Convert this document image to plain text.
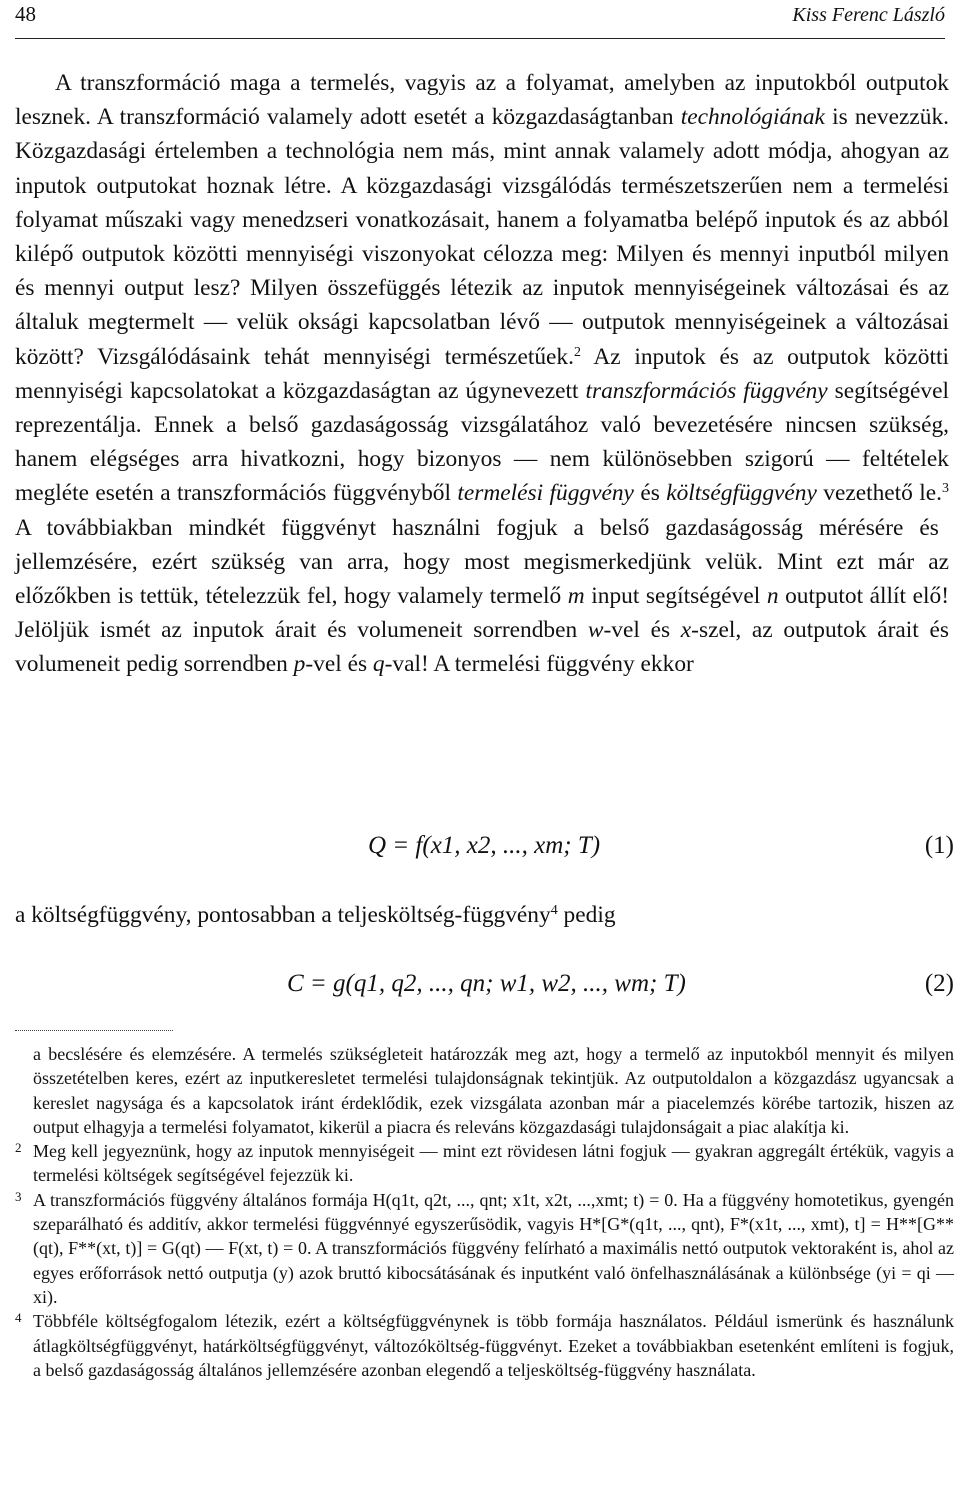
48	Kiss Ferenc László

A transzformáció maga a termelés, vagyis az a folyamat, amelyben az inputokból outputok lesznek. A transzformáció valamely adott esetét a közgazdaságtanban technológiának is nevezzük. Közgazdasági értelemben a technológia nem más, mint annak valamely adott módja, ahogyan az inputok outputokat hoznak létre. A közgazdasági vizsgálódás természetszerűen nem a termelési folyamat műszaki vagy menedzseri vonatkozásait, hanem a folyamatba belépő inputok és az abból kilépő outputok közötti mennyiségi viszonyokat célozza meg: Milyen és mennyi inputból milyen és mennyi output lesz? Milyen összefüggés létezik az inputok mennyiségeinek változásai és az általuk megtermelt — velük oksági kapcsolatban lévő — outputok mennyiségeinek a változásai között? Vizsgálódásaink tehát mennyiségi természetűek.$^2$ Az inputok és az outputok közötti mennyiségi kapcsolatokat a közgazdaságtan az úgynevezett transzformációs függvény segítségével reprezentálja. Ennek a belső gazdaságosság vizsgálatához való bevezetésére nincsen szükség, hanem elégséges arra hivatkozni, hogy bizonyos — nem különösebben szigorú — feltételek megléte esetén a transzformációs függvényből termelési függvény és költségfüggvény vezethető le.$^3$ A továbbiakban mindkét függvényt használni fogjuk a belső gazdaságosság mérésére és jellemzésére, ezért szükség van arra, hogy most megismerkedjünk velük. Mint ezt már az előzőkben is tettük, tételezzük fel, hogy valamely termelő m input segítségével n outputot állít elő! Jelöljük ismét az inputok árait és volumeneit sorrendben w-vel és x-szel, az outputok árait és volumeneit pedig sorrendben p-vel és q-val! A termelési függvény ekkor

Q = f(x1, x2, ..., xm; T)	(1)
a költségfüggvény, pontosabban a teljesköltség-függvény$^4$ pedig
C = g(q1, q2, ..., qn; w1, w2, ..., wm; T)	(2)
a becslésére és elemzésére. A termelés szükségleteit határozzák meg azt, hogy a termelő az inputokból mennyit és milyen összetételben keres, ezért az inputkeresletet termelési tulajdonságnak tekintjük. Az outputoldalon a közgazdász ugyancsak a kereslet nagysága és a kapcsolatok iránt érdeklődik, ezek vizsgálata azonban már a piacelemzés körébe tartozik, hiszen az output elhagyja a termelési folyamatot, kikerül a piacra és releváns közgazdasági tulajdonságait a piac alakítja ki.
2 Meg kell jegyeznünk, hogy az inputok mennyiségeit — mint ezt rövidesen látni fogjuk — gyakran aggregált értékük, vagyis a termelési költségek segítségével fejezzük ki.
3 A transzformációs függvény általános formája H(q1t, q2t, ..., qnt; x1t, x2t, ...,xmt; t) = 0. Ha a függvény homotetikus, gyengén szeparálható és additív, akkor termelési függvénnyé egyszerűsödik, vagyis H*[G*(q1t, ..., qnt), F*(x1t, ..., xmt), t] = H**[G**(qt), F**(xt, t)] = G(qt) — F(xt, t) = 0. A transzformációs függvény felírható a maximális nettó outputok vektoraként is, ahol az egyes erőforrások nettó outputja (y) azok bruttó kibocsátásának és inputként való önfelhasználásának a különbsége (yi = qi — xi).
4 Többféle költségfogalom létezik, ezért a költségfüggvénynek is több formája használatos. Például ismerünk és használunk átlagköltségfüggvényt, határköltségfüggvényt, változóköltség-függvényt. Ezeket a továbbiakban esetenként említeni is fogjuk, a belső gazdaságosság általános jellemzésére azonban elegendő a teljesköltség-függvény használata.
